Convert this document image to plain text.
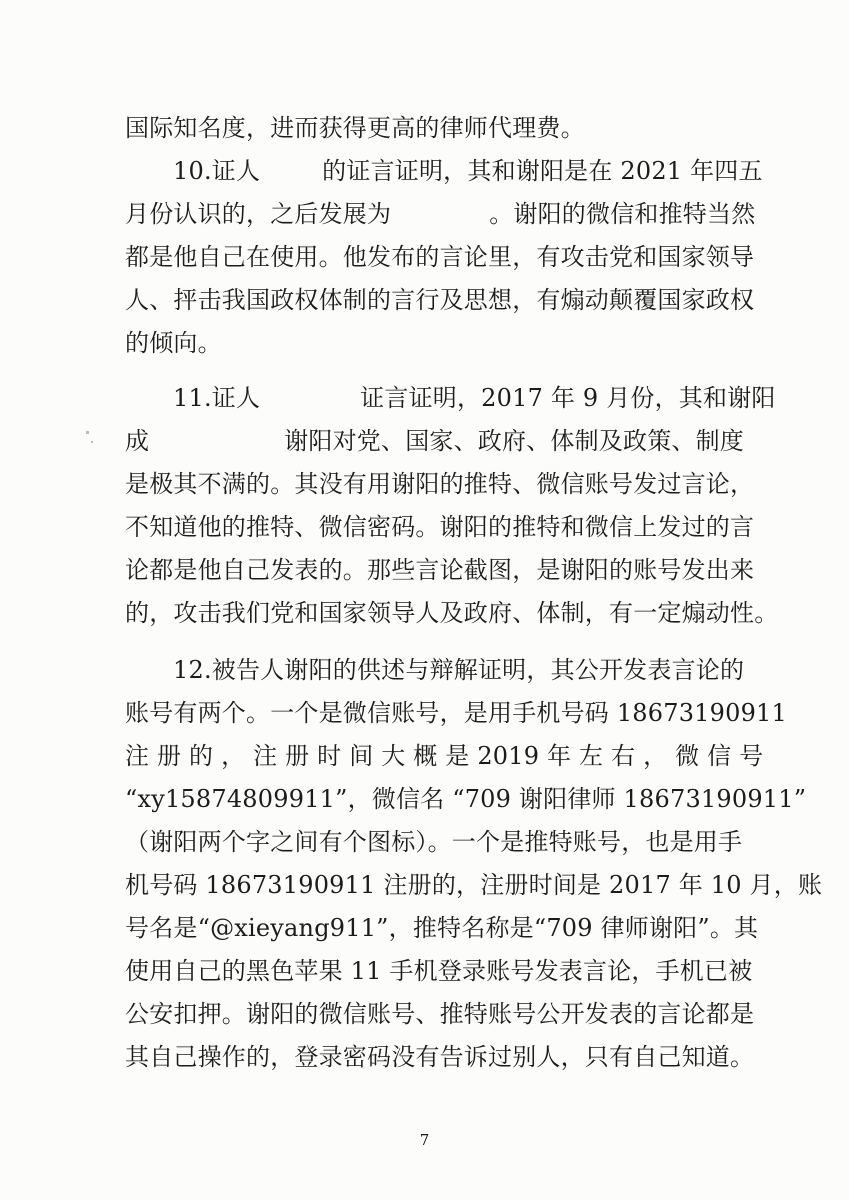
国际知名度，进而获得更高的律师代理费。
10.证人	的证言证明，其和谢阳是在 2021 年四五
月份认识的，之后发展为	。谢阳的微信和推特当然
都是他自己在使用。他发布的言论里，有攻击党和国家领导
人、抨击我国政权体制的言行及思想，有煽动颠覆国家政权
的倾向。
11.证人	证言证明，2017 年 9 月份，其和谢阳
成	谢阳对党、国家、政府、体制及政策、制度
是极其不满的。其没有用谢阳的推特、微信账号发过言论，
不知道他的推特、微信密码。谢阳的推特和微信上发过的言
论都是他自己发表的。那些言论截图，是谢阳的账号发出来
的，攻击我们党和国家领导人及政府、体制，有一定煽动性。
12.被告人谢阳的供述与辩解证明，其公开发表言论的
账号有两个。一个是微信账号，是用手机号码 18673190911
注 册 的 ， 注 册 时 间 大 概 是 2019 年 左 右 ， 微 信 号
“xy15874809911”，微信名 “709 谢阳律师 18673190911”
（谢阳两个字之间有个图标）。一个是推特账号，也是用手
机号码 18673190911 注册的，注册时间是 2017 年 10 月，账
号名是“@xieyang911”，推特名称是“709 律师谢阳”。其
使用自己的黑色苹果 11 手机登录账号发表言论，手机已被
公安扣押。谢阳的微信账号、推特账号公开发表的言论都是
其自己操作的，登录密码没有告诉过别人，只有自己知道。
7
